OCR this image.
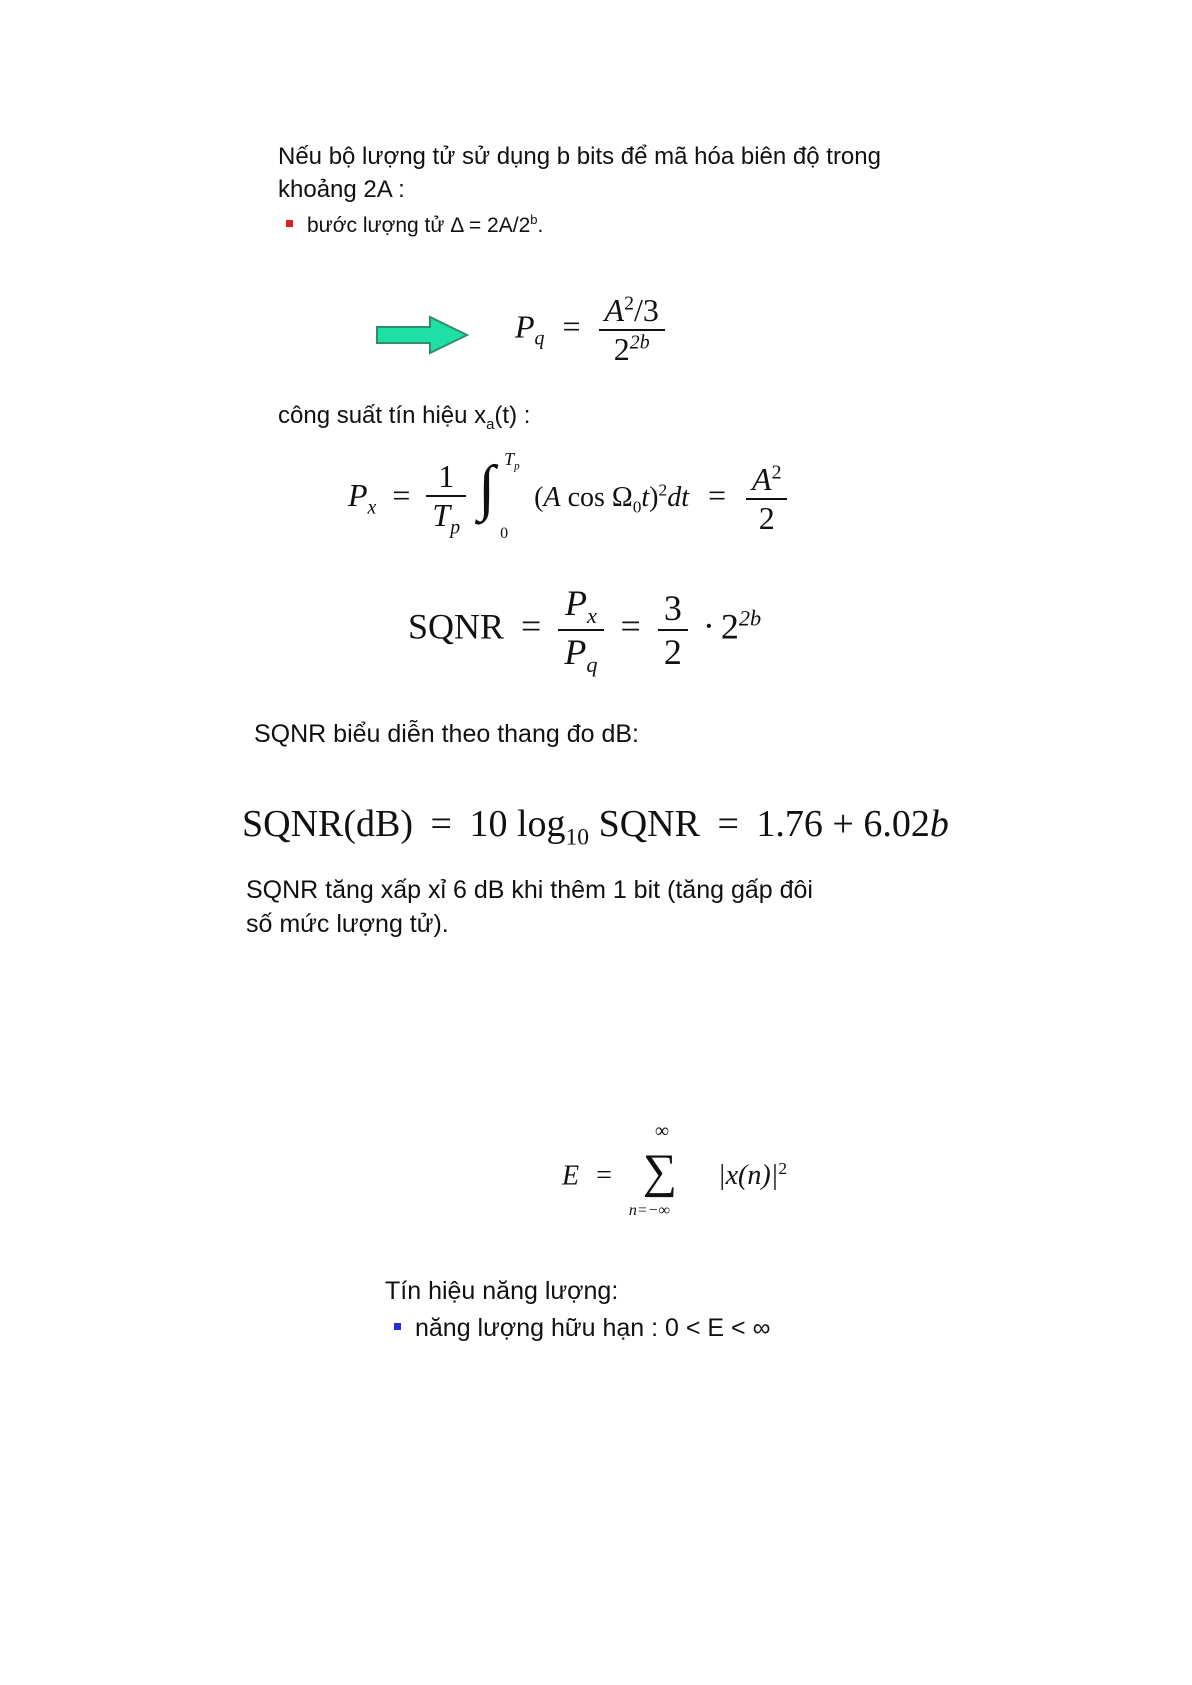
Nếu bộ lượng tử sử dụng b bits để mã hóa biên độ trong
khoảng 2A :
bước lượng tử $\Delta = 2A/2^b$.
$P_q = \frac{A^2/3}{2^{2b}}$
công suất tín hiệu $x_a(t)$ :
$P_x = \frac{1}{T_p}$
∫ $T_p$
0
(A $\cos \Omega_0t)^2dt = \frac{A^2}{2}$
SQNR = $\frac{P_x}{P_q} = \frac{3}{2} \cdot 2^{2b}$
SQNR biểu diễn theo thang đo dB:
SQNR(dB) = 10 $\log_{10}$ SQNR = 1.76 + 6.02b
SQNR tăng xấp xỉ 6 dB khi thêm 1 bit (tăng gấp đôi
số mức lượng tử).
E =
∞
∑
n=−∞
$|x(n)|^2$
Tín hiệu năng lượng:
năng lượng hữu hạn : 0 < E < ∞
